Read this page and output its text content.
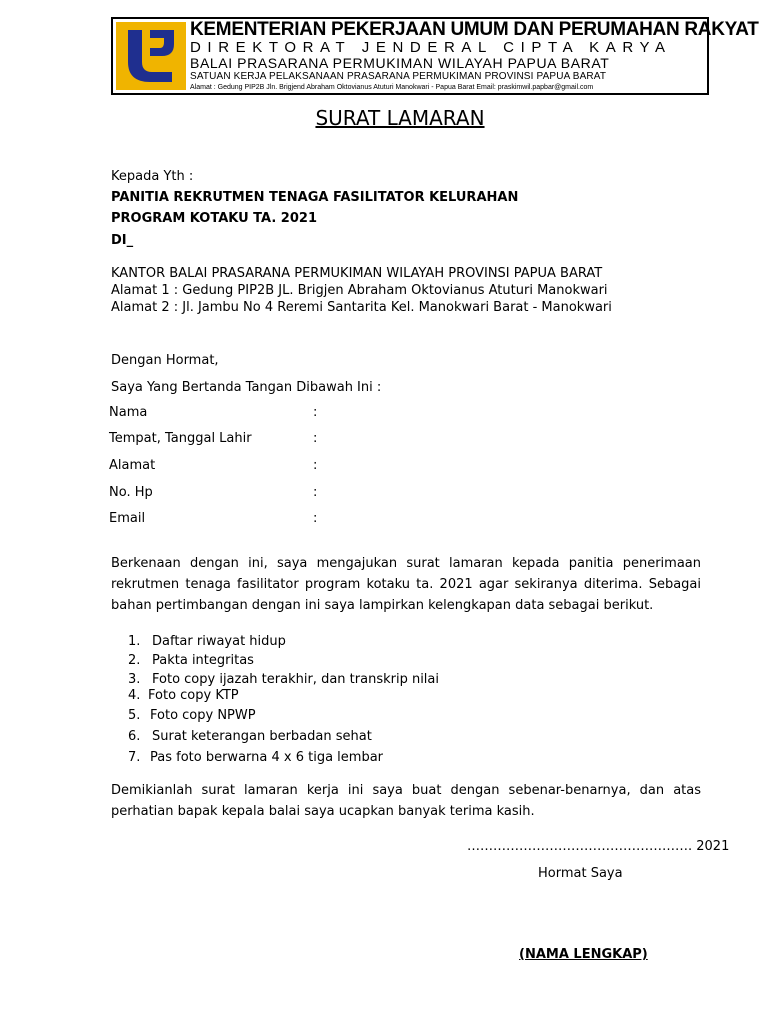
KEMENTERIAN PEKERJAAN UMUM DAN PERUMAHAN RAKYAT
DIREKTORAT JENDERAL CIPTA KARYA
BALAI PRASARANA PERMUKIMAN WILAYAH PAPUA BARAT
SATUAN KERJA PELAKSANAAN PRASARANA PERMUKIMAN PROVINSI PAPUA BARAT
Alamat : Gedung PIP2B Jln. Brigjend Abraham Oktovianus Atuturi Manokwari - Papua Barat Email: praskimwil.papbar@gmail.com
SURAT LAMARAN
Kepada Yth :
PANITIA REKRUTMEN TENAGA FASILITATOR KELURAHAN
PROGRAM KOTAKU TA. 2021
DI_
KANTOR BALAI PRASARANA PERMUKIMAN WILAYAH PROVINSI PAPUA BARAT
Alamat 1 : Gedung PIP2B JL. Brigjen Abraham Oktovianus Atuturi Manokwari
Alamat 2 : Jl. Jambu No 4 Reremi Santarita Kel. Manokwari Barat - Manokwari
Dengan Hormat,
Saya Yang Bertanda Tangan Dibawah Ini :
Nama	:
Tempat, Tanggal Lahir	:
Alamat	:
No. Hp	:
Email	:
Berkenaan dengan ini, saya mengajukan surat lamaran kepada panitia penerimaan rekrutmen tenaga fasilitator program kotaku ta. 2021 agar sekiranya diterima. Sebagai bahan pertimbangan dengan ini saya lampirkan kelengkapan data sebagai berikut.
1. Daftar riwayat hidup
2. Pakta integritas
3. Foto copy ijazah terakhir, dan transkrip nilai
4. Foto copy KTP
5. Foto copy NPWP
6. Surat keterangan berbadan sehat
7. Pas foto berwarna 4 x 6 tiga lembar
Demikianlah surat lamaran kerja ini saya buat dengan sebenar-benarnya, dan atas perhatian bapak kepala balai saya ucapkan banyak terima kasih.
……………………………………………. 2021
Hormat Saya
(NAMA LENGKAP)
